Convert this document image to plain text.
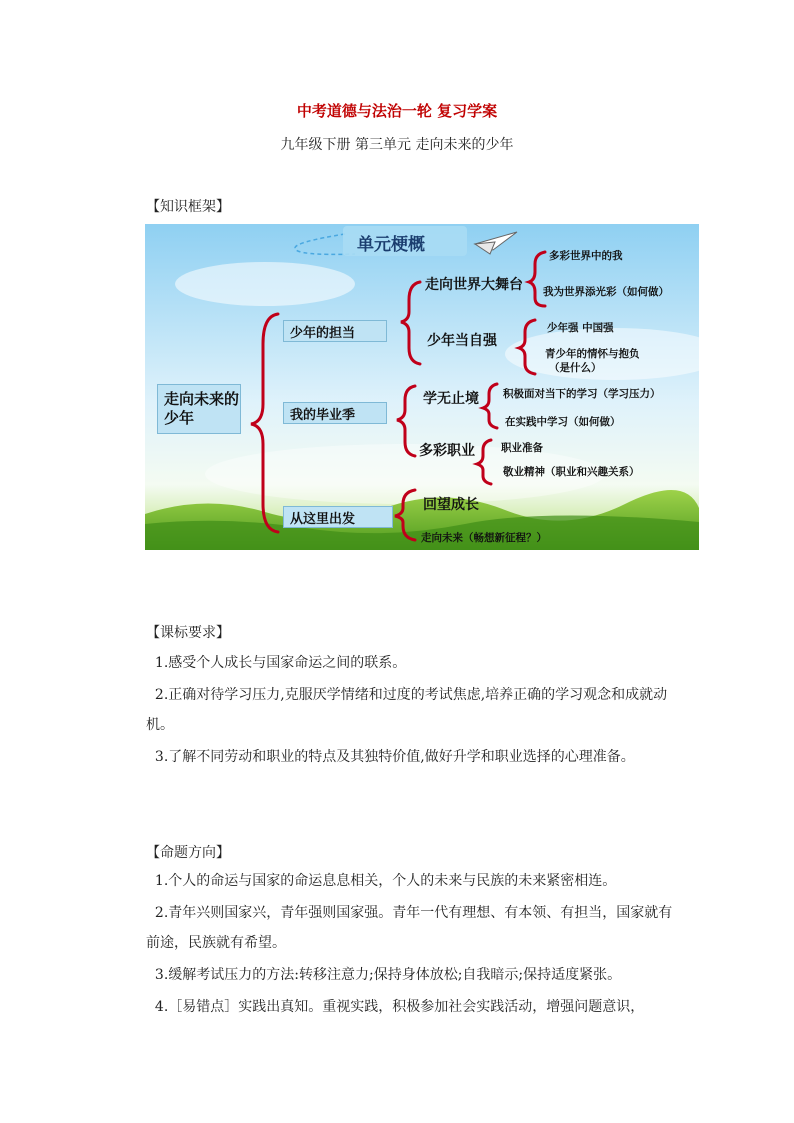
中考道德与法治一轮 复习学案
九年级下册 第三单元 走向未来的少年
【知识框架】
单元梗概
走向未来的少年
少年的担当
我的毕业季
从这里出发
走向世界大舞台
少年当自强
多彩世界中的我
我为世界添光彩（如何做）
少年强 中国强
青少年的情怀与抱负
（是什么）
学无止境
多彩职业
积极面对当下的学习（学习压力）
在实践中学习（如何做）
职业准备
敬业精神（职业和兴趣关系）
回望成长
走向未来（畅想新征程？）
【课标要求】
1.感受个人成长与国家命运之间的联系。
2.正确对待学习压力,克服厌学情绪和过度的考试焦虑,培养正确的学习观念和成就动机。
3.了解不同劳动和职业的特点及其独特价值,做好升学和职业选择的心理准备。
【命题方向】
1.个人的命运与国家的命运息息相关，个人的未来与民族的未来紧密相连。
2.青年兴则国家兴，青年强则国家强。青年一代有理想、有本领、有担当，国家就有前途，民族就有希望。
3.缓解考试压力的方法:转移注意力;保持身体放松;自我暗示;保持适度紧张。
4.［易错点］实践出真知。重视实践，积极参加社会实践活动，增强问题意识，
